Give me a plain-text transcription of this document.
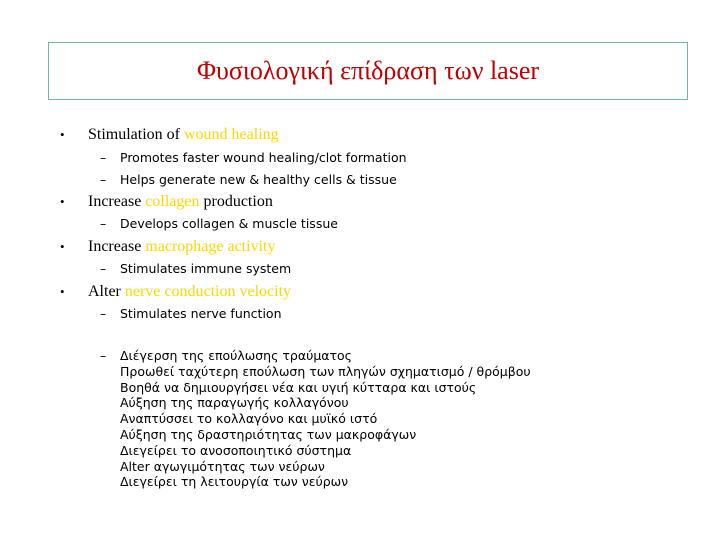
Φυσιολογική επίδραση των laser
• Stimulation of wound healing
– Promotes faster wound healing/clot formation
– Helps generate new & healthy cells & tissue
• Increase collagen production
– Develops collagen & muscle tissue
• Increase macrophage activity
– Stimulates immune system
• Alter nerve conduction velocity
– Stimulates nerve function
– Διέγερση της επούλωσης τραύματος
Προωθεί ταχύτερη επούλωση των πληγών σχηματισμό / θρόμβου
Βοηθά να δημιουργήσει νέα και υγιή κύτταρα και ιστούς
Αύξηση της παραγωγής κολλαγόνου
Αναπτύσσει το κολλαγόνο και μυϊκό ιστό
Αύξηση της δραστηριότητας των μακροφάγων
Διεγείρει το ανοσοποιητικό σύστημα
Alter αγωγιμότητας των νεύρων
Διεγείρει τη λειτουργία των νεύρων
